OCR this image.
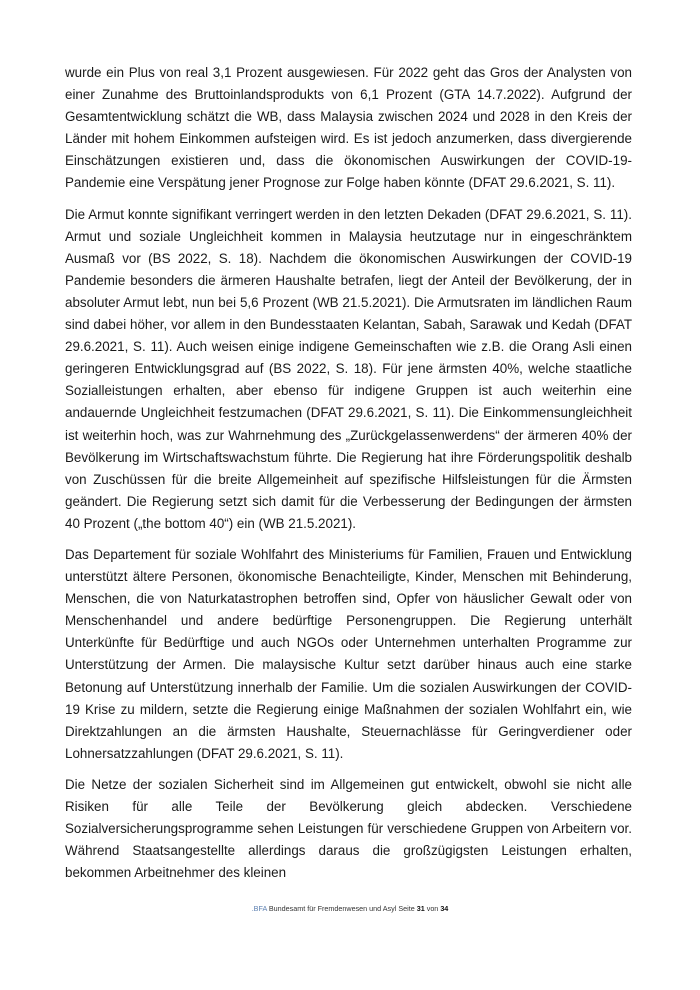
wurde ein Plus von real 3,1 Prozent ausgewiesen. Für 2022 geht das Gros der Analysten von einer Zunahme des Bruttoinlandsprodukts von 6,1 Prozent (GTA 14.7.2022). Aufgrund der Gesamtentwicklung schätzt die WB, dass Malaysia zwischen 2024 und 2028 in den Kreis der Länder mit hohem Einkommen aufsteigen wird. Es ist jedoch anzumerken, dass divergierende Einschätzungen existieren und, dass die ökonomischen Auswirkungen der COVID-19-Pandemie eine Verspätung jener Prognose zur Folge haben könnte (DFAT 29.6.2021, S. 11).

Die Armut konnte signifikant verringert werden in den letzten Dekaden (DFAT 29.6.2021, S. 11). Armut und soziale Ungleichheit kommen in Malaysia heutzutage nur in eingeschränktem Ausmaß vor (BS 2022, S. 18). Nachdem die ökonomischen Auswirkungen der COVID-19 Pandemie besonders die ärmeren Haushalte betrafen, liegt der Anteil der Bevölkerung, der in absoluter Armut lebt, nun bei 5,6 Prozent (WB 21.5.2021). Die Armutsraten im ländlichen Raum sind dabei höher, vor allem in den Bundesstaaten Kelantan, Sabah, Sarawak und Kedah (DFAT 29.6.2021, S. 11). Auch weisen einige indigene Gemeinschaften wie z.B. die Orang Asli einen geringeren Entwicklungsgrad auf (BS 2022, S. 18). Für jene ärmsten 40%, welche staatliche Sozialleistungen erhalten, aber ebenso für indigene Gruppen ist auch weiterhin eine andauernde Ungleichheit festzumachen (DFAT 29.6.2021, S. 11). Die Einkommensungleichheit ist weiterhin hoch, was zur Wahrnehmung des „Zurückgelassenwerdens“ der ärmeren 40% der Bevölkerung im Wirtschaftswachstum führte. Die Regierung hat ihre Förderungspolitik deshalb von Zuschüssen für die breite Allgemeinheit auf spezifische Hilfsleistungen für die Ärmsten geändert. Die Regierung setzt sich damit für die Verbesserung der Bedingungen der ärmsten 40 Prozent („the bottom 40“) ein (WB 21.5.2021).

Das Departement für soziale Wohlfahrt des Ministeriums für Familien, Frauen und Entwicklung unterstützt ältere Personen, ökonomische Benachteiligte, Kinder, Menschen mit Behinderung, Menschen, die von Naturkatastrophen betroffen sind, Opfer von häuslicher Gewalt oder von Menschenhandel und andere bedürftige Personengruppen. Die Regierung unterhält Unterkünfte für Bedürftige und auch NGOs oder Unternehmen unterhalten Programme zur Unterstützung der Armen. Die malaysische Kultur setzt darüber hinaus auch eine starke Betonung auf Unterstützung innerhalb der Familie. Um die sozialen Auswirkungen der COVID-19 Krise zu mildern, setzte die Regierung einige Maßnahmen der sozialen Wohlfahrt ein, wie Direktzahlungen an die ärmsten Haushalte, Steuernachlässe für Geringverdiener oder Lohnersatzzahlungen (DFAT 29.6.2021, S. 11).

Die Netze der sozialen Sicherheit sind im Allgemeinen gut entwickelt, obwohl sie nicht alle Risiken für alle Teile der Bevölkerung gleich abdecken. Verschiedene Sozialversicherungsprogramme sehen Leistungen für verschiedene Gruppen von Arbeitern vor. Während Staatsangestellte allerdings daraus die großzügigsten Leistungen erhalten, bekommen Arbeitnehmer des kleinen

.BFA Bundesamt für Fremdenwesen und Asyl Seite 31 von 34
